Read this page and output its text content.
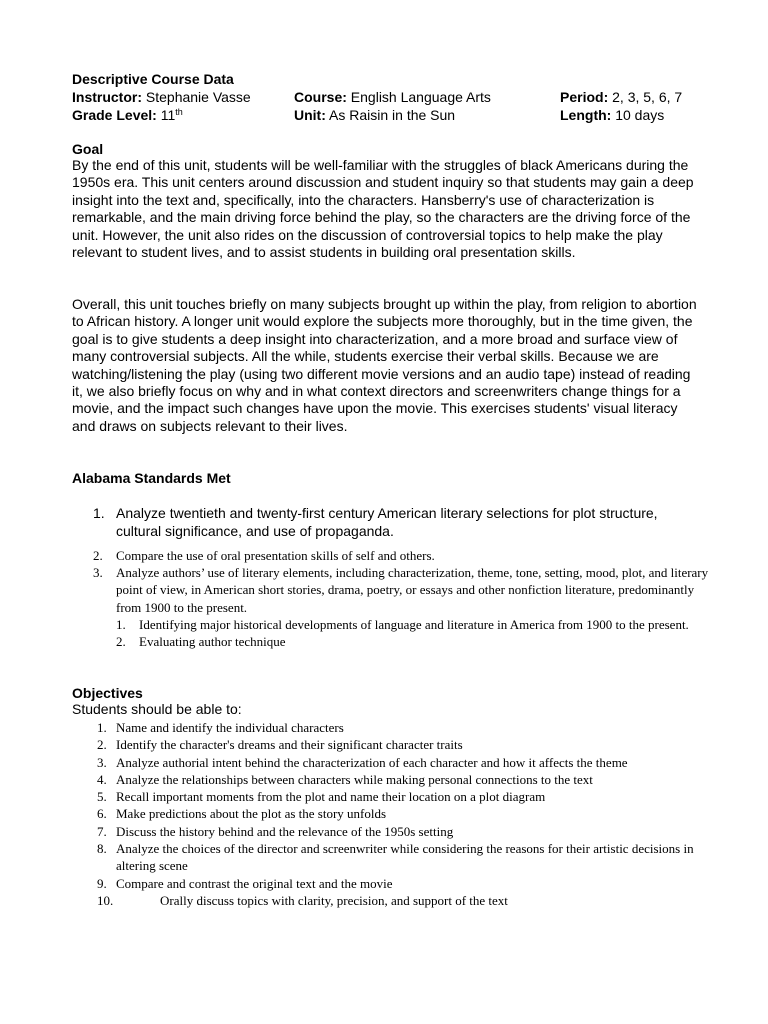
Descriptive Course Data
Instructor: Stephanie Vasse	Course: English Language Arts	Period: 2, 3, 5, 6, 7
Grade Level: 11th	Unit: As Raisin in the Sun	Length: 10 days
Goal

By the end of this unit, students will be well-familiar with the struggles of black Americans during the 1950s era. This unit centers around discussion and student inquiry so that students may gain a deep insight into the text and, specifically, into the characters. Hansberry's use of characterization is remarkable, and the main driving force behind the play, so the characters are the driving force of the unit. However, the unit also rides on the discussion of controversial topics to help make the play relevant to student lives, and to assist students in building oral presentation skills.

Overall, this unit touches briefly on many subjects brought up within the play, from religion to abortion to African history. A longer unit would explore the subjects more thoroughly, but in the time given, the goal is to give students a deep insight into characterization, and a more broad and surface view of many controversial subjects. All the while, students exercise their verbal skills. Because we are watching/listening the play (using two different movie versions and an audio tape) instead of reading it, we also briefly focus on why and in what context directors and screenwriters change things for a movie, and the impact such changes have upon the movie. This exercises students' visual literacy and draws on subjects relevant to their lives.

Alabama Standards Met
1. Analyze twentieth and twenty-first century American literary selections for plot structure, cultural significance, and use of propaganda.
2. Compare the use of oral presentation skills of self and others.
3. Analyze authors’ use of literary elements, including characterization, theme, tone, setting, mood, plot, and literary point of view, in American short stories, drama, poetry, or essays and other nonfiction literature, predominantly from 1900 to the present.
1. Identifying major historical developments of language and literature in America from 1900 to the present.
2. Evaluating author technique
Objectives
Students should be able to:
1. Name and identify the individual characters
2. Identify the character's dreams and their significant character traits
3. Analyze authorial intent behind the characterization of each character and how it affects the theme
4. Analyze the relationships between characters while making personal connections to the text
5. Recall important moments from the plot and name their location on a plot diagram
6. Make predictions about the plot as the story unfolds
7. Discuss the history behind and the relevance of the 1950s setting
8. Analyze the choices of the director and screenwriter while considering the reasons for their artistic decisions in altering scene
9. Compare and contrast the original text and the movie
10.	Orally discuss topics with clarity, precision, and support of the text
